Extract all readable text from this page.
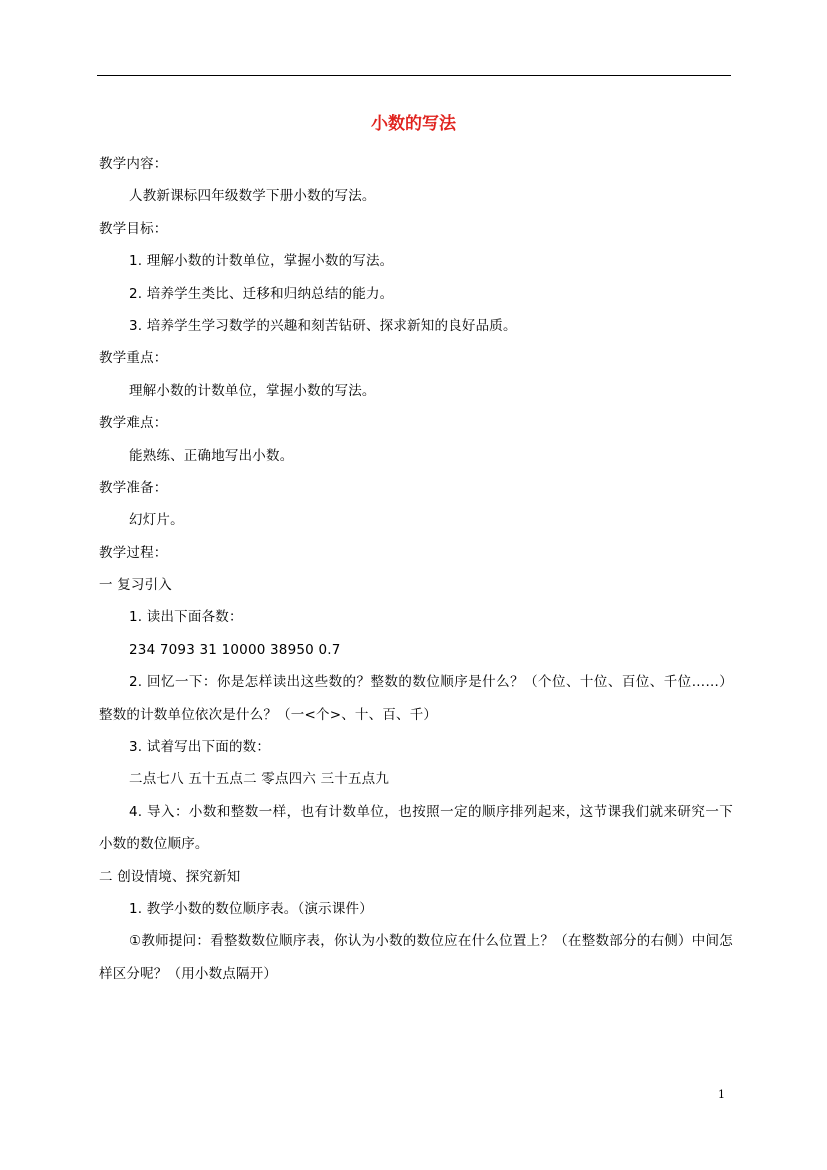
小数的写法
教学内容：
人教新课标四年级数学下册小数的写法。
教学目标：
1. 理解小数的计数单位，掌握小数的写法。
2. 培养学生类比、迁移和归纳总结的能力。
3. 培养学生学习数学的兴趣和刻苦钻研、探求新知的良好品质。
教学重点：
理解小数的计数单位，掌握小数的写法。
教学难点：
能熟练、正确地写出小数。
教学准备：
幻灯片。
教学过程：
一 复习引入
1. 读出下面各数：
234 7093 31 10000 38950 0.7
2. 回忆一下：你是怎样读出这些数的？整数的数位顺序是什么？（个位、十位、百位、千位……） 整数的计数单位依次是什么？（一<个>、十、百、千）
3. 试着写出下面的数：
二点七八 五十五点二 零点四六 三十五点九
4. 导入：小数和整数一样，也有计数单位，也按照一定的顺序排列起来，这节课我们就来研究一下小数的数位顺序。
二 创设情境、探究新知
1. 教学小数的数位顺序表。（演示课件）
①教师提问：看整数数位顺序表，你认为小数的数位应在什么位置上？（在整数部分的右侧）中间怎样区分呢？（用小数点隔开）
1
